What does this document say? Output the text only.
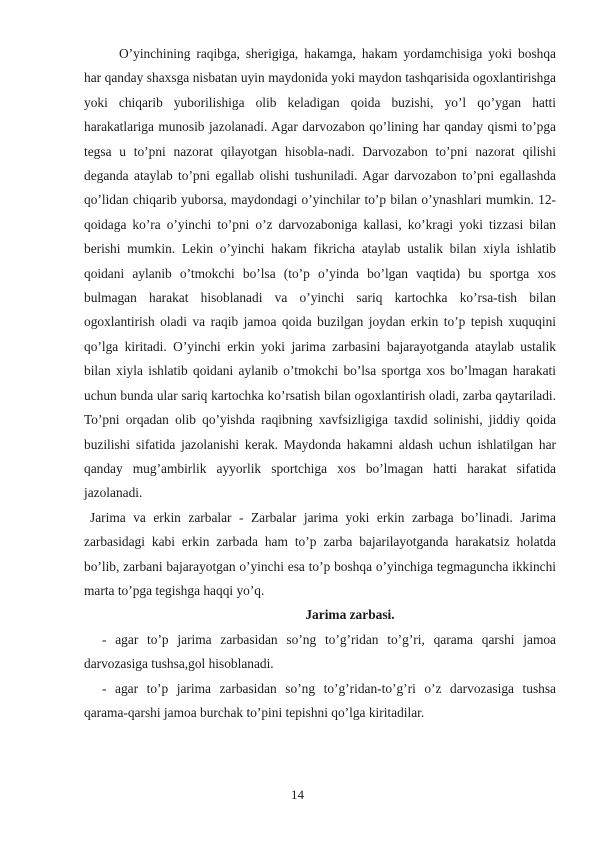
O’yinchining raqibga, sherigiga, hakamga, hakam yordamchisiga yoki boshqa har qanday shaxsga nisbatan uyin maydonida yoki maydon tashqarisida ogoxlantirishga yoki chiqarib yuborilishiga olib keladigan qoida buzishi, yo’l qo’ygan hatti harakatlariga munosib jazolanadi. Agar darvozabon qo’lining har qanday qismi to’pga tegsa u to’pni nazorat qilayotgan hisobla-nadi. Darvozabon to’pni nazorat qilishi deganda ataylab to’pni egallab olishi tushuniladi. Agar darvozabon to’pni egallashda qo’lidan chiqarib yuborsa, maydondagi o’yinchilar to’p bilan o’ynashlari mumkin. 12- qoidaga ko’ra o’yinchi to’pni o’z darvozaboniga kallasi, ko’kragi yoki tizzasi bilan berishi mumkin. Lekin o’yinchi hakam fikricha ataylab ustalik bilan xiyla ishlatib qoidani aylanib o’tmokchi bo’lsa (to’p o’yinda bo’lgan vaqtida) bu sportga xos bulmagan harakat hisoblanadi va o’yinchi sariq kartochka ko’rsa-tish bilan ogoxlantirish oladi va raqib jamoa qoida buzilgan joydan erkin to’p tepish xuquqini qo’lga kiritadi. O’yinchi erkin yoki jarima zarbasini bajarayotganda ataylab ustalik bilan xiyla ishlatib qoidani aylanib o’tmokchi bo’lsa sportga xos bo’lmagan harakati uchun bunda ular sariq kartochka ko’rsatish bilan ogoxlantirish oladi, zarba qaytariladi. To’pni orqadan olib qo’yishda raqibning xavfsizligiga taxdid solinishi, jiddiy qoida buzilishi sifatida jazolanishi kerak. Maydonda hakamni aldash uchun ishlatilgan har qanday mug’ambirlik ayyorlik sportchiga xos bo’lmagan hatti harakat sifatida jazolanadi.

Jarima va erkin zarbalar - Zarbalar jarima yoki erkin zarbaga bo’linadi. Jarima zarbasidagi kabi erkin zarbada ham to’p zarba bajarilayotganda harakatsiz holatda bo’lib, zarbani bajarayotgan o’yinchi esa to’p boshqa o’yinchiga tegmaguncha ikkinchi marta to’pga tegishga haqqi yo’q.

Jarima zarbasi.

- agar to’p jarima zarbasidan so’ng to’g’ridan to’g’ri, qarama qarshi jamoa darvozasiga tushsa,gol hisoblanadi.

- agar to’p jarima zarbasidan so’ng to’g’ridan-to’g’ri o’z darvozasiga tushsa qarama-qarshi jamoa burchak to’pini tepishni qo’lga kiritadilar.

14
